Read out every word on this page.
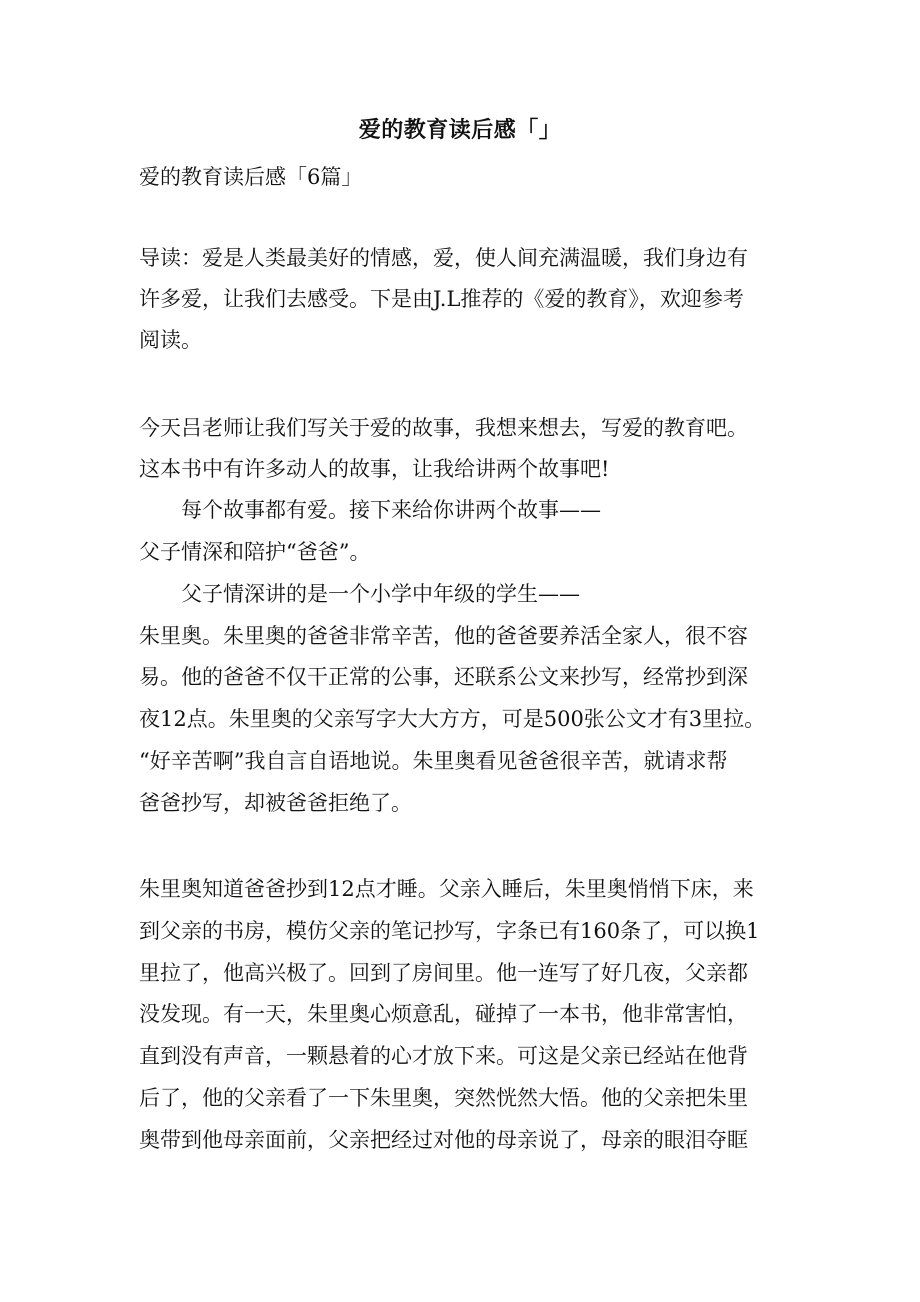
爱的教育读后感「」
爱的教育读后感「6篇」
导读：爱是人类最美好的情感，爱，使人间充满温暖，我们身边有
许多爱，让我们去感受。下是由J.L推荐的《爱的教育》，欢迎参考
阅读。
今天吕老师让我们写关于爱的故事，我想来想去，写爱的教育吧。
这本书中有许多动人的故事，让我给讲两个故事吧!
每个故事都有爱。接下来给你讲两个故事——
父子情深和陪护“爸爸”。
父子情深讲的是一个小学中年级的学生——
朱里奥。朱里奥的爸爸非常辛苦，他的爸爸要养活全家人，很不容
易。他的爸爸不仅干正常的公事，还联系公文来抄写，经常抄到深
夜12点。朱里奥的父亲写字大大方方，可是500张公文才有3里拉。
“好辛苦啊”我自言自语地说。朱里奥看见爸爸很辛苦，就请求帮
爸爸抄写，却被爸爸拒绝了。
朱里奥知道爸爸抄到12点才睡。父亲入睡后，朱里奥悄悄下床，来
到父亲的书房，模仿父亲的笔记抄写，字条已有160条了，可以换1
里拉了，他高兴极了。回到了房间里。他一连写了好几夜，父亲都
没发现。有一天，朱里奥心烦意乱，碰掉了一本书，他非常害怕，
直到没有声音，一颗悬着的心才放下来。可这是父亲已经站在他背
后了，他的父亲看了一下朱里奥，突然恍然大悟。他的父亲把朱里
奥带到他母亲面前，父亲把经过对他的母亲说了，母亲的眼泪夺眶
